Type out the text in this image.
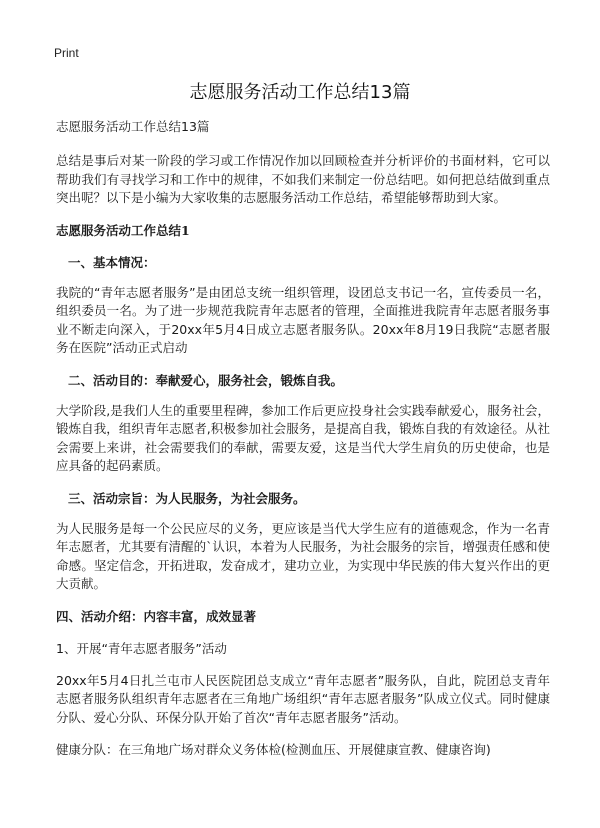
Print
志愿服务活动工作总结13篇
志愿服务活动工作总结13篇

总结是事后对某一阶段的学习或工作情况作加以回顾检查并分析评价的书面材料，它可以帮助我们有寻找学习和工作中的规律，不如我们来制定一份总结吧。如何把总结做到重点突出呢？以下是小编为大家收集的志愿服务活动工作总结，希望能够帮助到大家。

志愿服务活动工作总结1
一、基本情况：

我院的“青年志愿者服务”是由团总支统一组织管理，设团总支书记一名，宣传委员一名，组织委员一名。为了进一步规范我院青年志愿者的管理，全面推进我院青年志愿者服务事业不断走向深入，于20xx年5月4日成立志愿者服务队。20xx年8月19日我院“志愿者服务在医院”活动正式启动

二、活动目的：奉献爱心，服务社会，锻炼自我。

大学阶段,是我们人生的重要里程碑，参加工作后更应投身社会实践奉献爱心，服务社会，锻炼自我，组织青年志愿者,积极参加社会服务，是提高自我，锻炼自我的有效途径。从社会需要上来讲，社会需要我们的奉献，需要友爱，这是当代大学生肩负的历史使命，也是应具备的起码素质。

三、活动宗旨：为人民服务，为社会服务。

为人民服务是每一个公民应尽的义务，更应该是当代大学生应有的道德观念，作为一名青年志愿者，尤其要有清醒的`认识，本着为人民服务，为社会服务的宗旨，增强责任感和使命感。坚定信念，开拓进取，发奋成才，建功立业，为实现中华民族的伟大复兴作出的更大贡献。

四、活动介绍：内容丰富，成效显著
1、开展“青年志愿者服务”活动

20xx年5月4日扎兰屯市人民医院团总支成立“青年志愿者”服务队，自此，院团总支青年志愿者服务队组织青年志愿者在三角地广场组织“青年志愿者服务”队成立仪式。同时健康分队、爱心分队、环保分队开始了首次“青年志愿者服务”活动。

健康分队：在三角地广场对群众义务体检(检测血压、开展健康宣教、健康咨询)
